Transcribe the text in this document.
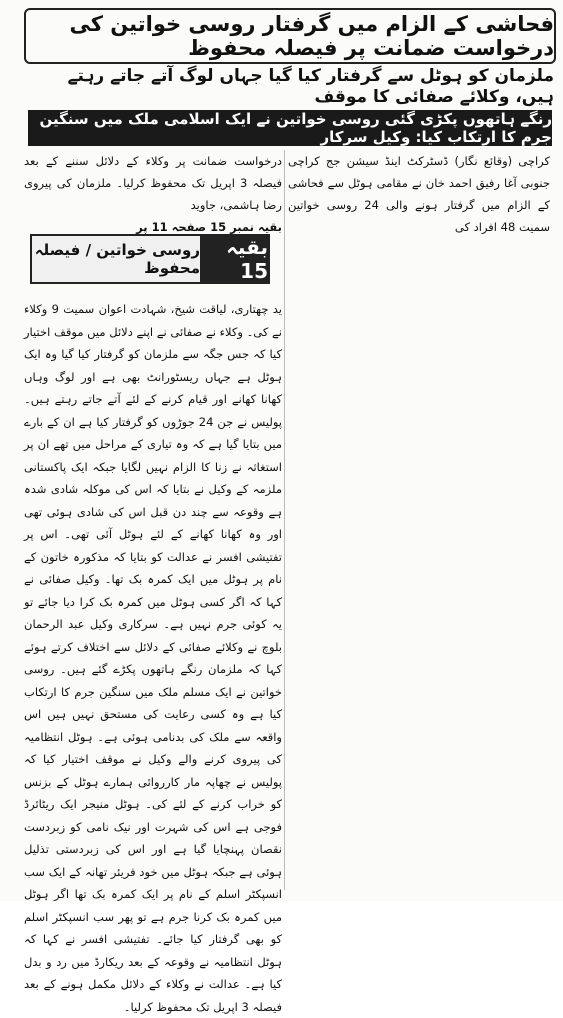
فحاشی کے الزام میں گرفتار روسی خواتین کی درخواست ضمانت پر فیصلہ محفوظ
ملزمان کو ہوٹل سے گرفتار کیا گیا جہاں لوگ آتے جاتے رہتے ہیں، وکلائے صفائی کا موقف
رنگے ہاتھوں پکڑی گئی روسی خواتین نے ایک اسلامی ملک میں سنگین جرم کا ارتکاب کیا: وکیل سرکار
کراچی (وقائع نگار) ڈسٹرکٹ اینڈ سیشن جج کراچی جنوبی آغا رفیق احمد خان نے مقامی ہوٹل سے فحاشی کے الزام میں گرفتار ہونے والی 24 روسی خواتین سمیت 48 افراد کی
درخواست ضمانت پر وکلاء کے دلائل سننے کے بعد فیصلہ 3 اپریل تک محفوظ کرلیا۔ ملزمان کی پیروی رضا ہاشمی، جاوید
بقیہ نمبر 15 صفحہ 11 پر
بقیہ 15
روسی خواتین / فیصلہ محفوظ
ید چھتاری، لیاقت شیخ، شہادت اعوان سمیت 9 وکلاء نے کی۔ وکلاء نے صفائی نے اپنے دلائل میں موقف اختیار کیا کہ جس جگہ سے ملزمان کو گرفتار کیا گیا وہ ایک ہوٹل ہے جہاں ریسٹورانٹ بھی ہے اور لوگ وہاں کھانا کھانے اور قیام کرنے کے لئے آتے جاتے رہتے ہیں۔ پولیس نے جن 24 جوڑوں کو گرفتار کیا ہے ان کے بارے میں بتایا گیا ہے کہ وہ تیاری کے مراحل میں تھے ان پر استغاثہ نے زنا کا الزام نہیں لگایا جبکہ ایک پاکستانی ملزمہ کے وکیل نے بتایا کہ اس کی موکلہ شادی شدہ ہے وقوعہ سے چند دن قبل اس کی شادی ہوئی تھی اور وہ کھانا کھانے کے لئے ہوٹل آئی تھی۔ اس پر تفتیشی افسر نے عدالت کو بتایا کہ مذکورہ خاتون کے نام پر ہوٹل میں ایک کمرہ بک تھا۔ وکیل صفائی نے کہا کہ اگر کسی ہوٹل میں کمرہ بک کرا دیا جائے تو یہ کوئی جرم نہیں ہے۔ سرکاری وکیل عبد الرحمان بلوچ نے وکلائے صفائی کے دلائل سے اختلاف کرتے ہوئے کہا کہ ملزمان رنگے ہاتھوں پکڑے گئے ہیں۔ روسی خواتین نے ایک مسلم ملک میں سنگین جرم کا ارتکاب کیا ہے وہ کسی رعایت کی مستحق نہیں ہیں اس واقعہ سے ملک کی بدنامی ہوئی ہے۔ ہوٹل انتظامیہ کی پیروی کرنے والے وکیل نے موقف اختیار کیا کہ پولیس نے چھاپہ مار کارروائی ہمارے ہوٹل کے بزنس کو خراب کرنے کے لئے کی۔ ہوٹل منیجر ایک ریٹائرڈ فوجی ہے اس کی شہرت اور نیک نامی کو زبردست نقصان پہنچایا گیا ہے اور اس کی زبردستی تذلیل ہوئی ہے جبکہ ہوٹل میں خود فریئر تھانہ کے ایک سب انسپکٹر اسلم کے نام پر ایک کمرہ بک تھا اگر ہوٹل میں کمرہ بک کرنا جرم ہے تو پھر سب انسپکٹر اسلم کو بھی گرفتار کیا جائے۔ تفتیشی افسر نے کہا کہ ہوٹل انتظامیہ نے وقوعہ کے بعد ریکارڈ میں رد و بدل کیا ہے۔ عدالت نے وکلاء کے دلائل مکمل ہونے کے بعد فیصلہ 3 اپریل تک محفوظ کرلیا۔
